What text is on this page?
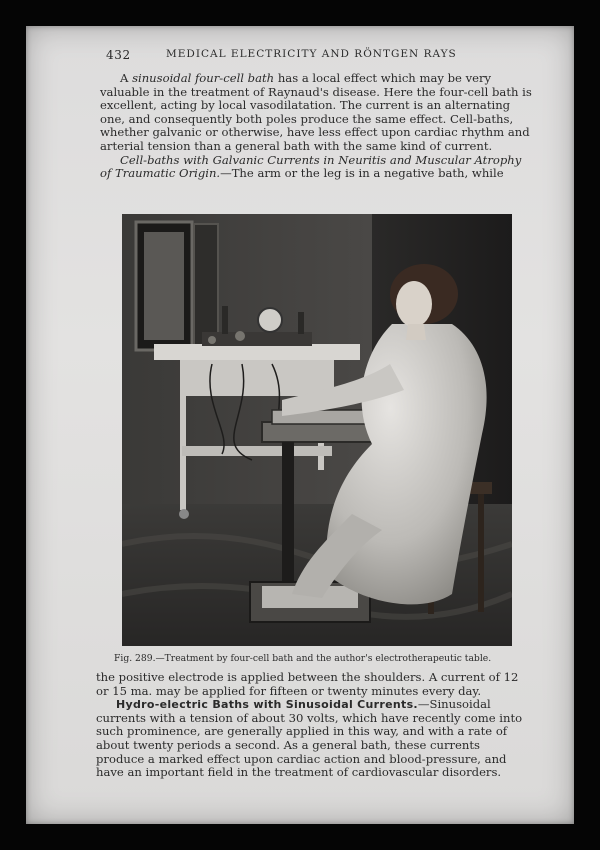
432	MEDICAL ELECTRICITY AND RÖNTGEN RAYS

A sinusoidal four-cell bath has a local effect which may be very valuable in the treatment of Raynaud's disease. Here the four-cell bath is excellent, acting by local vasodilatation. The current is an alternating one, and consequently both poles produce the same effect. Cell-baths, whether galvanic or otherwise, have less effect upon cardiac rhythm and arterial tension than a general bath with the same kind of current.

Cell-baths with Galvanic Currents in Neuritis and Muscular Atrophy of Traumatic Origin.—The arm or the leg is in a negative bath, while

Fig. 289.—Treatment by four-cell bath and the author's electrotherapeutic table.

the positive electrode is applied between the shoulders. A current of 12 or 15 ma. may be applied for fifteen or twenty minutes every day.

Hydro-electric Baths with Sinusoidal Currents.—Sinusoidal currents with a tension of about 30 volts, which have recently come into such prominence, are generally applied in this way, and with a rate of about twenty periods a second. As a general bath, these currents produce a marked effect upon cardiac action and blood-pressure, and have an important field in the treatment of cardiovascular disorders.
